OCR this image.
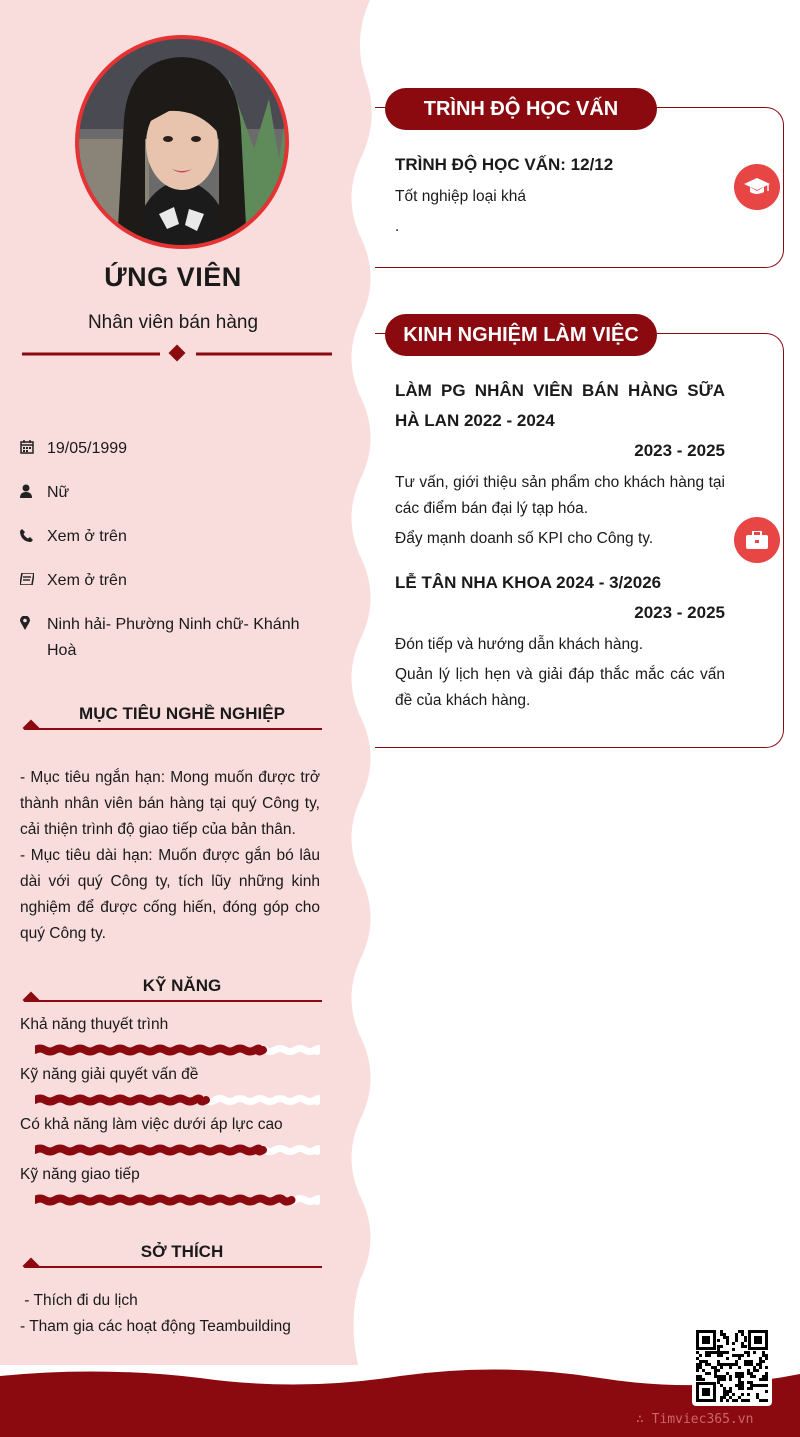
ỨNG VIÊN
Nhân viên bán hàng
19/05/1999
Nữ
Xem ở trên
Xem ở trên
Ninh hải- Phường Ninh chữ- Khánh Hoà
MỤC TIÊU NGHỀ NGHIỆP

- Mục tiêu ngắn hạn: Mong muốn được trở thành nhân viên bán hàng tại quý Công ty, cải thiện trình độ giao tiếp của bản thân.

- Mục tiêu dài hạn: Muốn được gắn bó lâu dài với quý Công ty, tích lũy những kinh nghiệm để được cống hiến, đóng góp cho quý Công ty.

KỸ NĂNG
Khả năng thuyết trình
Kỹ năng giải quyết vấn đề
Có khả năng làm việc dưới áp lực cao
Kỹ năng giao tiếp
SỞ THÍCH
- Thích đi du lịch
- Tham gia các hoạt động Teambuilding
TRÌNH ĐỘ HỌC VẤN
TRÌNH ĐỘ HỌC VẤN: 12/12
Tốt nghiệp loại khá
.
KINH NGHIỆM LÀM VIỆC
LÀM PG NHÂN VIÊN BÁN HÀNG SỮA HÀ LAN 2022 - 2024
2023 - 2025
Tư vấn, giới thiệu sản phẩm cho khách hàng tại các điểm bán đại lý tạp hóa.
Đẩy mạnh doanh số KPI cho Công ty.
LỄ TÂN NHA KHOA 2024 - 3/2026
2023 - 2025
Đón tiếp và hướng dẫn khách hàng.
Quản lý lịch hẹn và giải đáp thắc mắc các vấn đề của khách hàng.
∴ Timviec365.vn
